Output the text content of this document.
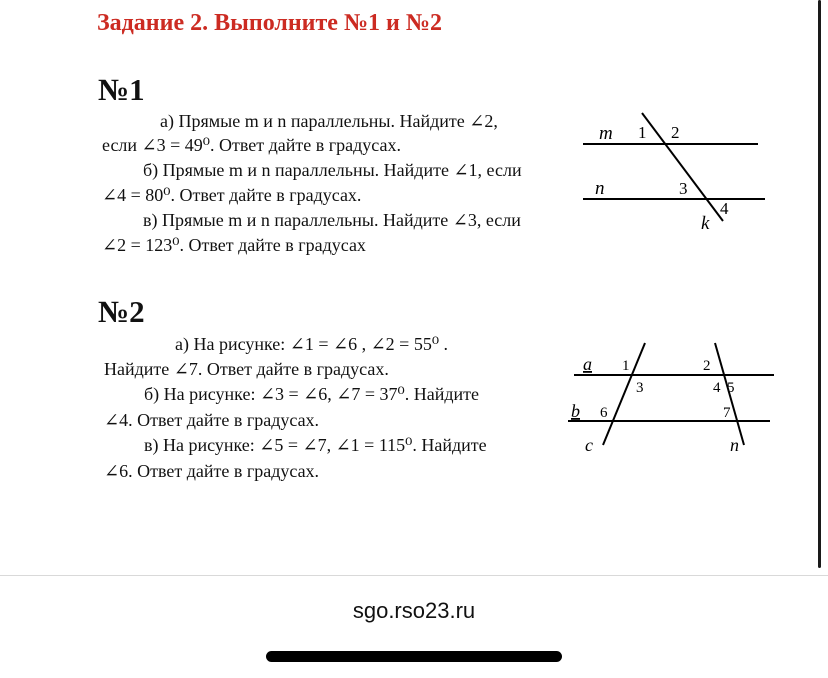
Задание 2. Выполните №1 и №2
№1
а) Прямые m и n параллельны. Найдите ∠2,
если ∠3 = 49⁰. Ответ дайте в градусах.
б) Прямые m и n параллельны. Найдите ∠1, если
∠4 = 80⁰. Ответ дайте в градусах.
в) Прямые m и n параллельны. Найдите ∠3, если
∠2 = 123⁰. Ответ дайте в градусах
m
n
k
1 2
3
4
№2
а) На рисунке: ∠1 = ∠6 , ∠2 = 55⁰ .
Найдите ∠7. Ответ дайте в градусах.
б) На рисунке: ∠3 = ∠6, ∠7 = 37⁰. Найдите
∠4. Ответ дайте в градусах.
в) На рисунке: ∠5 = ∠7, ∠1 = 115⁰. Найдите
∠6. Ответ дайте в градусах.
a
b
c	n
1	2
3	4 5
6	7
sgo.rso23.ru
